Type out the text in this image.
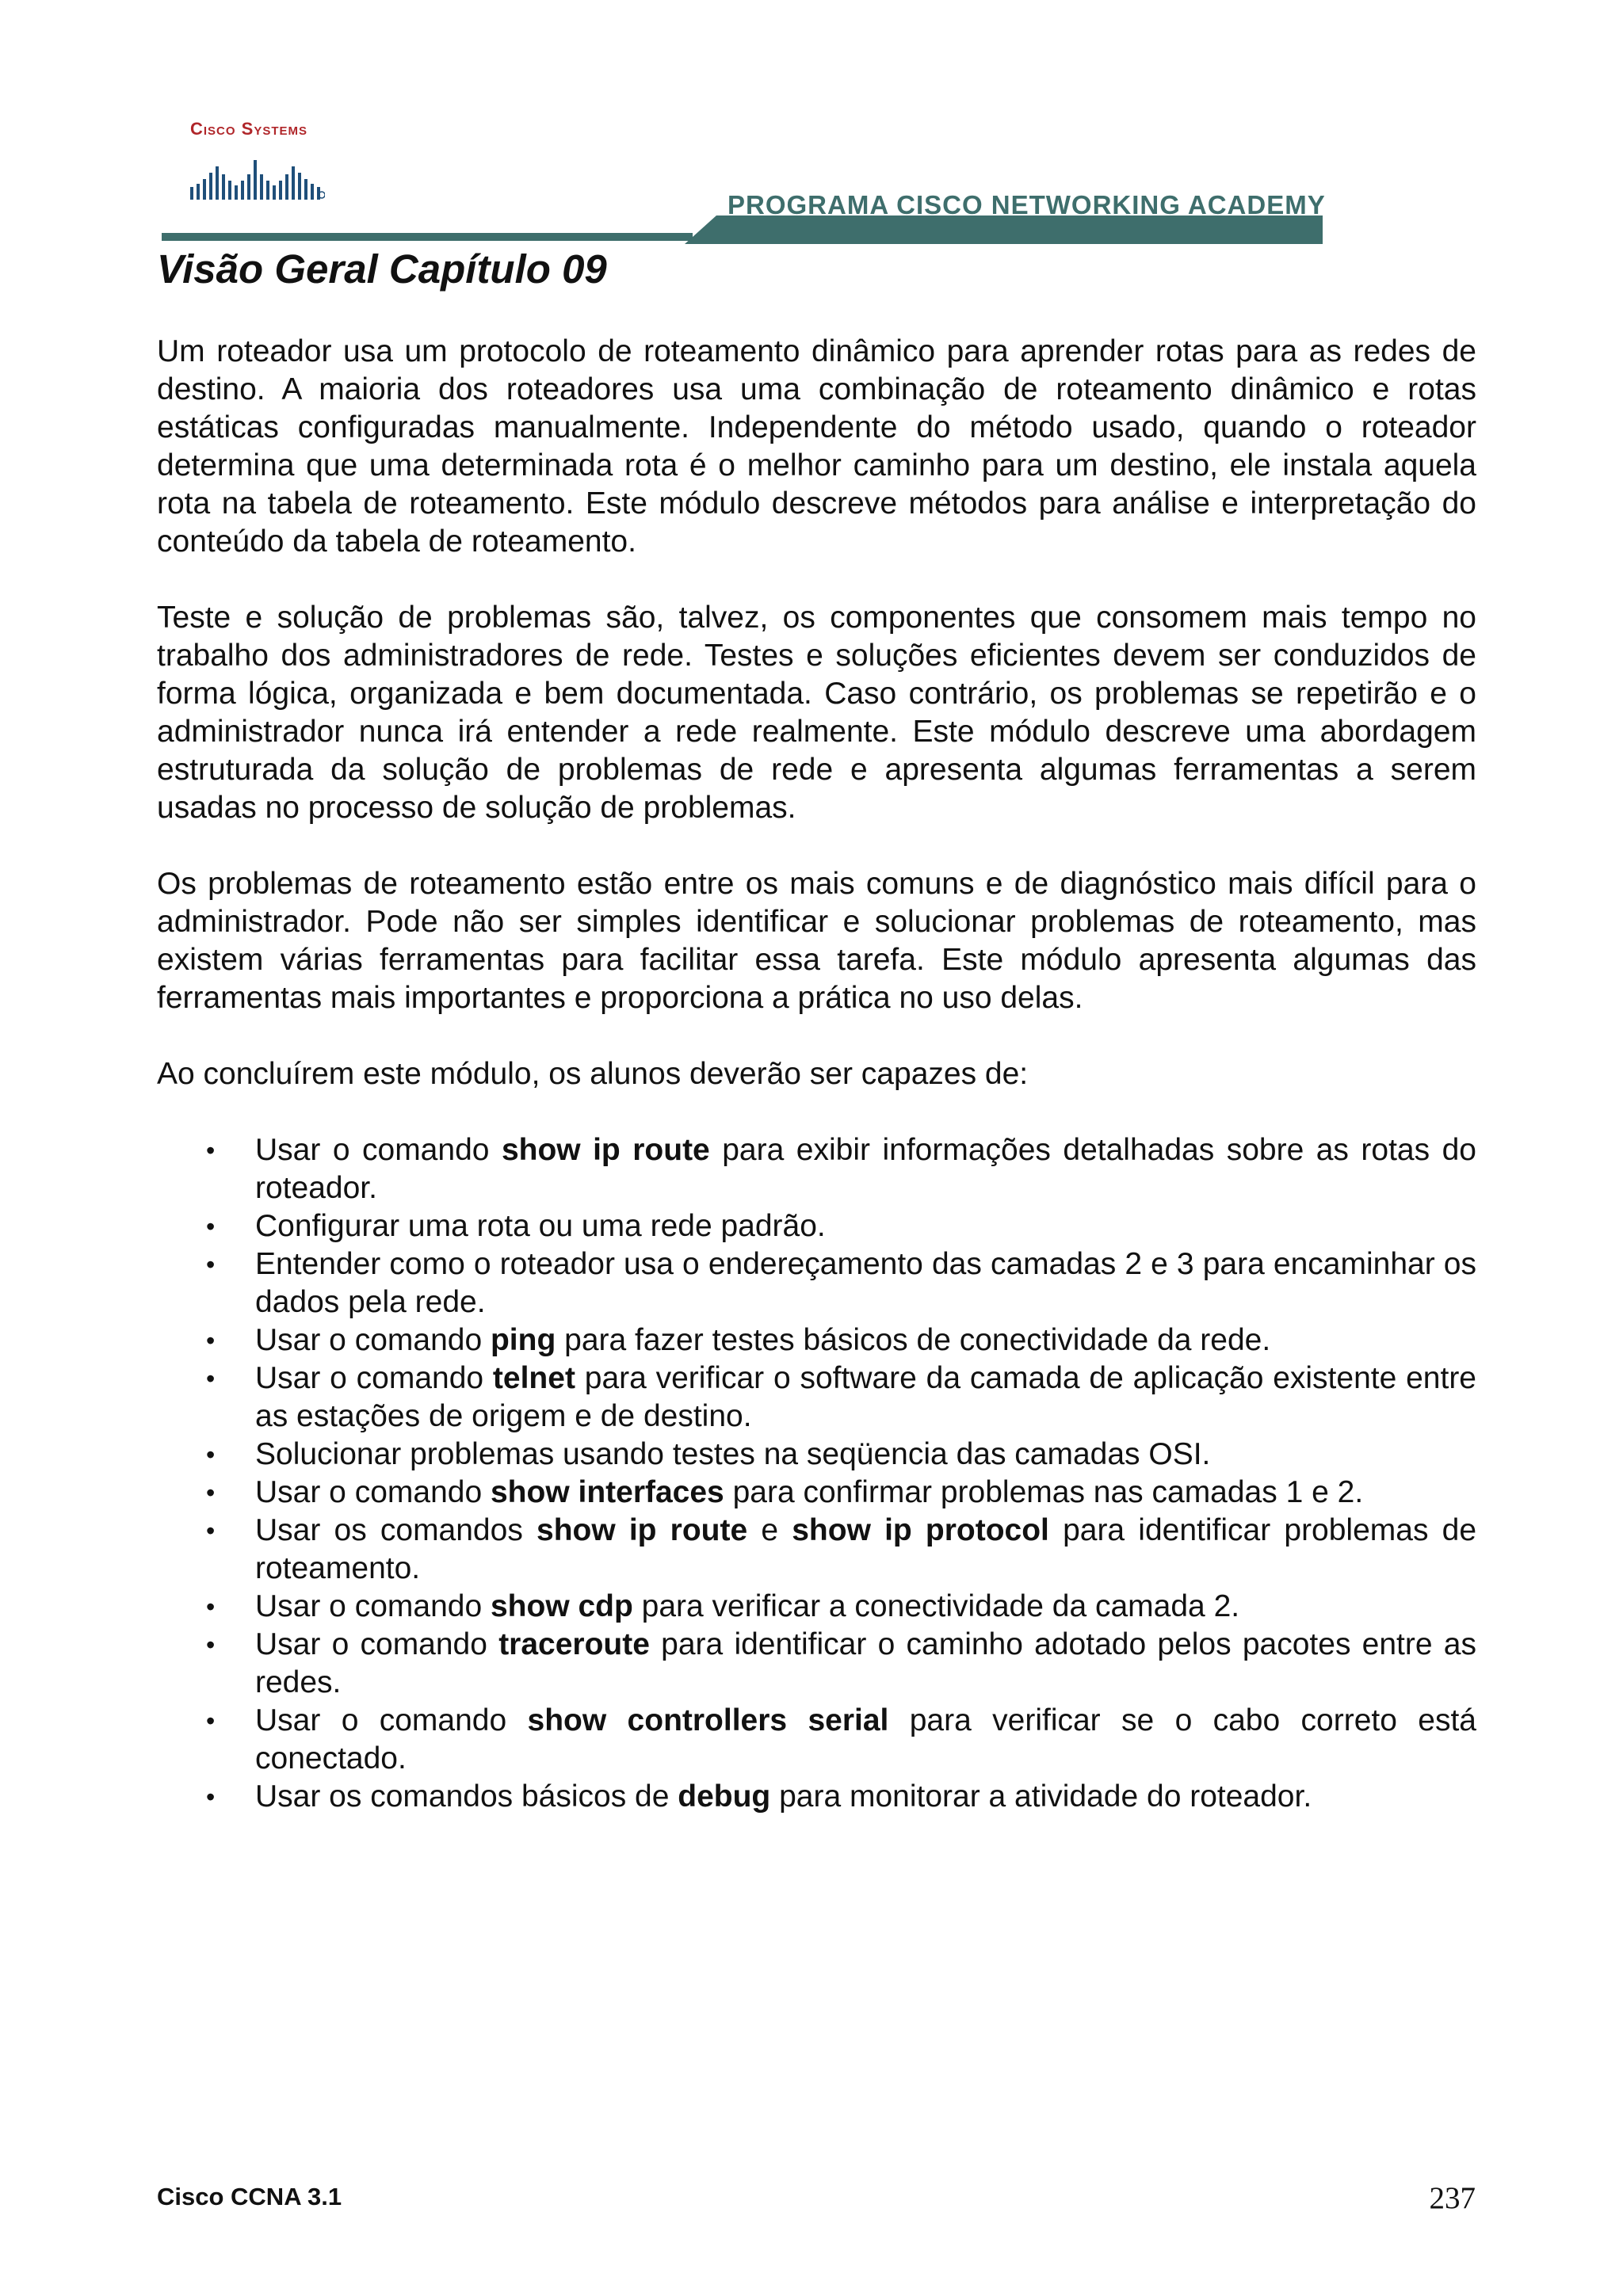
Cisco Systems
PROGRAMA CISCO NETWORKING ACADEMY
Visão Geral Capítulo 09

Um roteador usa um protocolo de roteamento dinâmico para aprender rotas para as redes de destino. A maioria dos roteadores usa uma combinação de roteamento dinâmico e rotas estáticas configuradas manualmente. Independente do método usado, quando o roteador determina que uma determinada rota é o melhor caminho para um destino, ele instala aquela rota na tabela de roteamento. Este módulo descreve métodos para análise e interpretação do conteúdo da tabela de roteamento.

Teste e solução de problemas são, talvez, os componentes que consomem mais tempo no trabalho dos administradores de rede. Testes e soluções eficientes devem ser conduzidos de forma lógica, organizada e bem documentada. Caso contrário, os problemas se repetirão e o administrador nunca irá entender a rede realmente. Este módulo descreve uma abordagem estruturada da solução de problemas de rede e apresenta algumas ferramentas a serem usadas no processo de solução de problemas.

Os problemas de roteamento estão entre os mais comuns e de diagnóstico mais difícil para o administrador. Pode não ser simples identificar e solucionar problemas de roteamento, mas existem várias ferramentas para facilitar essa tarefa. Este módulo apresenta algumas das ferramentas mais importantes e proporciona a prática no uso delas.

Ao concluírem este módulo, os alunos deverão ser capazes de:

• Usar o comando show ip route para exibir informações detalhadas sobre as rotas do roteador.
• Configurar uma rota ou uma rede padrão.
• Entender como o roteador usa o endereçamento das camadas 2 e 3 para encaminhar os dados pela rede.
• Usar o comando ping para fazer testes básicos de conectividade da rede.
• Usar o comando telnet para verificar o software da camada de aplicação existente entre as estações de origem e de destino.
• Solucionar problemas usando testes na seqüencia das camadas OSI.
• Usar o comando show interfaces para confirmar problemas nas camadas 1 e 2.
• Usar os comandos show ip route e show ip protocol para identificar problemas de roteamento.
• Usar o comando show cdp para verificar a conectividade da camada 2.
• Usar o comando traceroute para identificar o caminho adotado pelos pacotes entre as redes.
• Usar o comando show controllers serial para verificar se o cabo correto está conectado.
• Usar os comandos básicos de debug para monitorar a atividade do roteador.
Cisco CCNA 3.1	237
